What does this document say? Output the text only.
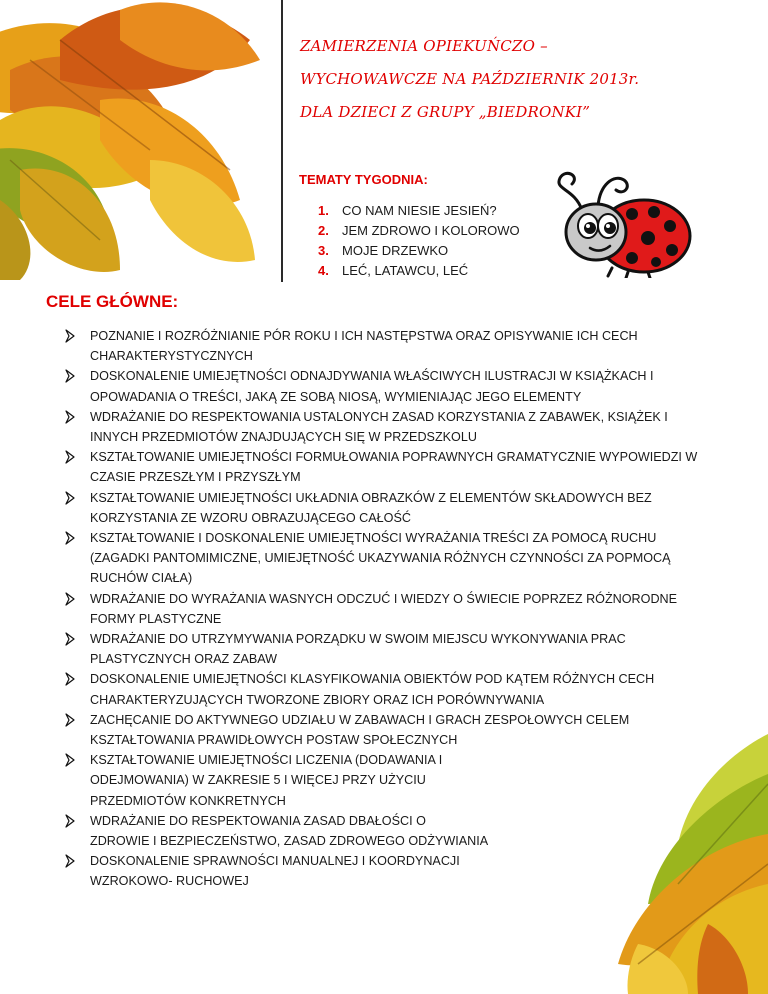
ZAMIERZENIA OPIEKUŃCZO –
WYCHOWAWCZE NA PAŹDZIERNIK 2013r.
DLA DZIECI Z GRUPY „BIEDRONKI”
TEMATY TYGODNIA:
1. CO NAM NIESIE JESIEŃ?
2. JEM ZDROWO I KOLOROWO
3. MOJE DRZEWKO
4. LEĆ, LATAWCU, LEĆ
CELE GŁÓWNE:
POZNANIE I ROZRÓŻNIANIE PÓR ROKU I ICH NASTĘPSTWA ORAZ OPISYWANIE ICH CECH
CHARAKTERYSTYCZNYCH
DOSKONALENIE UMIEJĘTNOŚCI ODNAJDYWANIA WŁAŚCIWYCH ILUSTRACJI W KSIĄŻKACH I
OPOWADANIA O TREŚCI, JAKĄ ZE SOBĄ NIOSĄ, WYMIENIAJĄC JEGO ELEMENTY
WDRAŻANIE DO RESPEKTOWANIA USTALONYCH ZASAD KORZYSTANIA Z ZABAWEK, KSIĄŻEK I
INNYCH PRZEDMIOTÓW ZNAJDUJĄCYCH SIĘ W PRZEDSZKOLU
KSZTAŁTOWANIE UMIEJĘTNOŚCI FORMUŁOWANIA POPRAWNYCH GRAMATYCZNIE WYPOWIEDZI W
CZASIE PRZESZŁYM I PRZYSZŁYM
KSZTAŁTOWANIE UMIEJĘTNOŚCI UKŁADNIA OBRAZKÓW Z ELEMENTÓW SKŁADOWYCH BEZ
KORZYSTANIA ZE WZORU OBRAZUJĄCEGO CAŁOŚĆ
KSZTAŁTOWANIE I DOSKONALENIE UMIEJĘTNOŚCI WYRAŻANIA TREŚCI ZA POMOCĄ RUCHU
(ZAGADKI PANTOMIMICZNE, UMIEJĘTNOŚĆ UKAZYWANIA RÓŻNYCH CZYNNOŚCI ZA POPMOCĄ
RUCHÓW CIAŁA)
WDRAŻANIE DO WYRAŻANIA WASNYCH ODCZUĆ I WIEDZY O ŚWIECIE POPRZEZ RÓŻNORODNE
FORMY PLASTYCZNE
WDRAŻANIE DO UTRZYMYWANIA PORZĄDKU W SWOIM MIEJSCU WYKONYWANIA PRAC
PLASTYCZNYCH ORAZ ZABAW
DOSKONALENIE UMIEJĘTNOŚCI KLASYFIKOWANIA OBIEKTÓW POD KĄTEM RÓŻNYCH CECH
CHARAKTERYZUJĄCYCH TWORZONE ZBIORY ORAZ ICH PORÓWNYWANIA
ZACHĘCANIE DO AKTYWNEGO UDZIAŁU W ZABAWACH I GRACH ZESPOŁOWYCH CELEM
KSZTAŁTOWANIA PRAWIDŁOWYCH POSTAW SPOŁECZNYCH
KSZTAŁTOWANIE UMIEJĘTNOŚCI LICZENIA (DODAWANIA I
ODEJMOWANIA) W ZAKRESIE 5 I WIĘCEJ PRZY UŻYCIU
PRZEDMIOTÓW KONKRETNYCH
WDRAŻANIE DO RESPEKTOWANIA ZASAD DBAŁOŚCI O
ZDROWIE I BEZPIECZEŃSTWO, ZASAD ZDROWEGO ODŻYWIANIA
DOSKONALENIE SPRAWNOŚCI MANUALNEJ I KOORDYNACJI
WZROKOWO- RUCHOWEJ
